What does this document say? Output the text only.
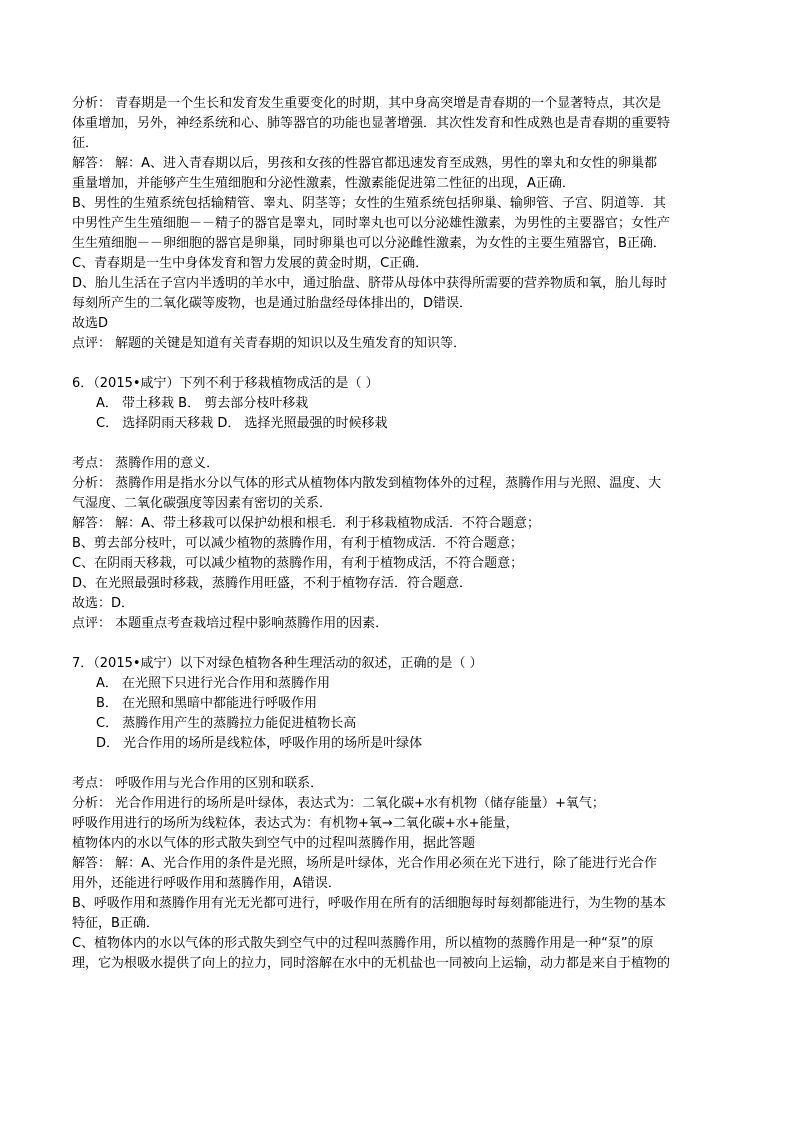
分析： 青春期是一个生长和发育发生重要变化的时期，其中身高突增是青春期的一个显著特点，其次是
体重增加，另外，神经系统和心、肺等器官的功能也显著增强．其次性发育和性成熟也是青春期的重要特
征．
解答： 解：A、进入青春期以后，男孩和女孩的性器官都迅速发育至成熟，男性的睾丸和女性的卵巢都
重量增加，并能够产生生殖细胞和分泌性激素，性激素能促进第二性征的出现，A正确．
B、男性的生殖系统包括输精管、睾丸、阴茎等；女性的生殖系统包括卵巢、输卵管、子宫、阴道等．其
中男性产生生殖细胞－－精子的器官是睾丸，同时睾丸也可以分泌雄性激素，为男性的主要器官；女性产
生生殖细胞－－卵细胞的器官是卵巢，同时卵巢也可以分泌雌性激素，为女性的主要生殖器官，B正确．
C、青春期是一生中身体发育和智力发展的黄金时期，C正确．
D、胎儿生活在子宫内半透明的羊水中，通过胎盘、脐带从母体中获得所需要的营养物质和氧，胎儿每时
每刻所产生的二氧化碳等废物，也是通过胎盘经母体排出的，D错误．
故选D
点评： 解题的关键是知道有关青春期的知识以及生殖发育的知识等．
6．（2015•咸宁）下列不利于移栽植物成活的是（ ）
A． 带土移栽 B． 剪去部分枝叶移栽
C． 选择阴雨天移栽 D． 选择光照最强的时候移栽
考点： 蒸腾作用的意义．
分析： 蒸腾作用是指水分以气体的形式从植物体内散发到植物体外的过程，蒸腾作用与光照、温度、大
气湿度、二氧化碳强度等因素有密切的关系．
解答： 解：A、带土移栽可以保护幼根和根毛．利于移栽植物成活．不符合题意；
B、剪去部分枝叶，可以减少植物的蒸腾作用，有利于植物成活．不符合题意；
C、在阴雨天移栽，可以减少植物的蒸腾作用，有利于植物成活，不符合题意；
D、在光照最强时移栽，蒸腾作用旺盛，不利于植物存活．符合题意．
故选：D．
点评： 本题重点考查栽培过程中影响蒸腾作用的因素．
7．（2015•咸宁）以下对绿色植物各种生理活动的叙述，正确的是（ ）
A． 在光照下只进行光合作用和蒸腾作用
B． 在光照和黑暗中都能进行呼吸作用
C． 蒸腾作用产生的蒸腾拉力能促进植物长高
D． 光合作用的场所是线粒体，呼吸作用的场所是叶绿体
考点： 呼吸作用与光合作用的区别和联系．
分析： 光合作用进行的场所是叶绿体，表达式为：二氧化碳+水有机物（储存能量）+氧气；
呼吸作用进行的场所为线粒体，表达式为：有机物+氧→二氧化碳+水+能量，
植物体内的水以气体的形式散失到空气中的过程叫蒸腾作用，据此答题
解答： 解：A、光合作用的条件是光照，场所是叶绿体，光合作用必须在光下进行，除了能进行光合作
用外，还能进行呼吸作用和蒸腾作用，A错误．
B、呼吸作用和蒸腾作用有光无光都可进行，呼吸作用在所有的活细胞每时每刻都能进行，为生物的基本
特征，B正确．
C、植物体内的水以气体的形式散失到空气中的过程叫蒸腾作用，所以植物的蒸腾作用是一种“泵”的原
理，它为根吸水提供了向上的拉力，同时溶解在水中的无机盐也一同被向上运输，动力都是来自于植物的
